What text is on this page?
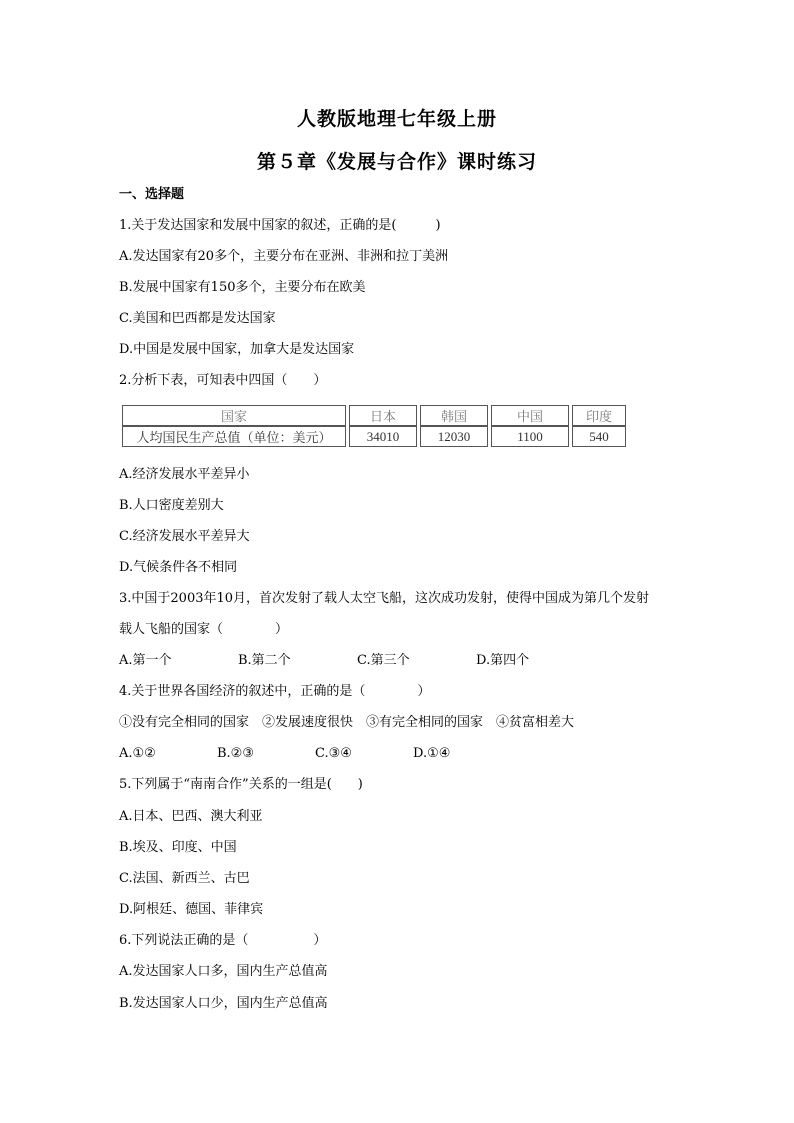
人教版地理七年级上册
第５章《发展与合作》课时练习
一、选择题
1.关于发达国家和发展中国家的叙述，正确的是(　　　)
A.发达国家有20多个，主要分布在亚洲、非洲和拉丁美洲
B.发展中国家有150多个，主要分布在欧美
C.美国和巴西都是发达国家
D.中国是发展中国家，加拿大是发达国家
2.分析下表，可知表中四国（　　）
国家	日本	韩国	中国	印度
人均国民生产总值（单位：美元）	34010	12030	1100	540
A.经济发展水平差异小
B.人口密度差别大
C.经济发展水平差异大
D.气候条件各不相同
3.中国于2003年10月，首次发射了载人太空飞船，这次成功发射，使得中国成为第几个发射
载人飞船的国家（　　　　）
A.第一个	B.第二个	C.第三个	D.第四个
4.关于世界各国经济的叙述中，正确的是（　　　　）
①没有完全相同的国家　②发展速度很快　③有完全相同的国家　④贫富相差大
A.①②	B.②③	C.③④	D.①④
5.下列属于“南南合作”关系的一组是(　　)
A.日本、巴西、澳大利亚
B.埃及、印度、中国
C.法国、新西兰、古巴
D.阿根廷、德国、菲律宾
6.下列说法正确的是（　　　　　）
A.发达国家人口多，国内生产总值高
B.发达国家人口少，国内生产总值高
